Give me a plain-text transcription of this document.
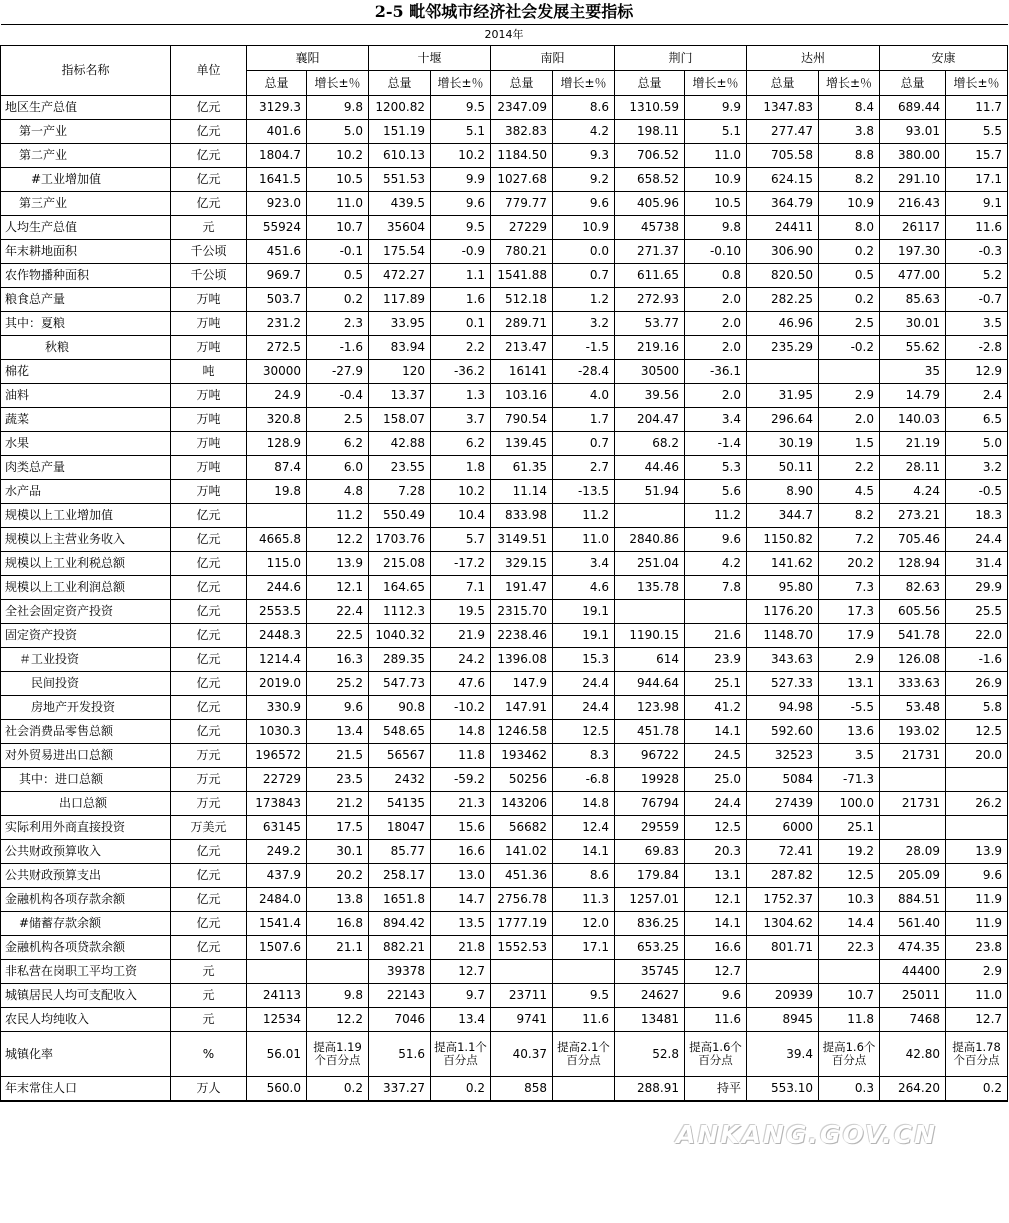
2-5 毗邻城市经济社会发展主要指标													
2014年													
指标名称	单位	襄阳		十堰		南阳		荆门		达州		安康	
		总量	增长±％	总量	增长±％	总量	增长±％	总量	增长±％	总量	增长±％	总量	增长±％
地区生产总值	亿元	3129.3	9.8	1200.82	9.5	2347.09	8.6	1310.59	9.9	1347.83	8.4	689.44	11.7
第一产业	亿元	401.6	5.0	151.19	5.1	382.83	4.2	198.11	5.1	277.47	3.8	93.01	5.5
第二产业	亿元	1804.7	10.2	610.13	10.2	1184.50	9.3	706.52	11.0	705.58	8.8	380.00	15.7
#工业增加值	亿元	1641.5	10.5	551.53	9.9	1027.68	9.2	658.52	10.9	624.15	8.2	291.10	17.1
第三产业	亿元	923.0	11.0	439.5	9.6	779.77	9.6	405.96	10.5	364.79	10.9	216.43	9.1
人均生产总值	元	55924	10.7	35604	9.5	27229	10.9	45738	9.8	24411	8.0	26117	11.6
年末耕地面积	千公顷	451.6	-0.1	175.54	-0.9	780.21	0.0	271.37	-0.10	306.90	0.2	197.30	-0.3
农作物播种面积	千公顷	969.7	0.5	472.27	1.1	1541.88	0.7	611.65	0.8	820.50	0.5	477.00	5.2
粮食总产量	万吨	503.7	0.2	117.89	1.6	512.18	1.2	272.93	2.0	282.25	0.2	85.63	-0.7
其中：夏粮	万吨	231.2	2.3	33.95	0.1	289.71	3.2	53.77	2.0	46.96	2.5	30.01	3.5
秋粮	万吨	272.5	-1.6	83.94	2.2	213.47	-1.5	219.16	2.0	235.29	-0.2	55.62	-2.8
棉花	吨	30000	-27.9	120	-36.2	16141	-28.4	30500	-36.1			35	12.9
油料	万吨	24.9	-0.4	13.37	1.3	103.16	4.0	39.56	2.0	31.95	2.9	14.79	2.4
蔬菜	万吨	320.8	2.5	158.07	3.7	790.54	1.7	204.47	3.4	296.64	2.0	140.03	6.5
水果	万吨	128.9	6.2	42.88	6.2	139.45	0.7	68.2	-1.4	30.19	1.5	21.19	5.0
肉类总产量	万吨	87.4	6.0	23.55	1.8	61.35	2.7	44.46	5.3	50.11	2.2	28.11	3.2
水产品	万吨	19.8	4.8	7.28	10.2	11.14	-13.5	51.94	5.6	8.90	4.5	4.24	-0.5
规模以上工业增加值	亿元		11.2	550.49	10.4	833.98	11.2		11.2	344.7	8.2	273.21	18.3
规模以上主营业务收入	亿元	4665.8	12.2	1703.76	5.7	3149.51	11.0	2840.86	9.6	1150.82	7.2	705.46	24.4
规模以上工业利税总额	亿元	115.0	13.9	215.08	-17.2	329.15	3.4	251.04	4.2	141.62	20.2	128.94	31.4
规模以上工业利润总额	亿元	244.6	12.1	164.65	7.1	191.47	4.6	135.78	7.8	95.80	7.3	82.63	29.9
全社会固定资产投资	亿元	2553.5	22.4	1112.3	19.5	2315.70	19.1			1176.20	17.3	605.56	25.5
固定资产投资	亿元	2448.3	22.5	1040.32	21.9	2238.46	19.1	1190.15	21.6	1148.70	17.9	541.78	22.0
＃工业投资	亿元	1214.4	16.3	289.35	24.2	1396.08	15.3	614	23.9	343.63	2.9	126.08	-1.6
民间投资	亿元	2019.0	25.2	547.73	47.6	147.9	24.4	944.64	25.1	527.33	13.1	333.63	26.9
房地产开发投资	亿元	330.9	9.6	90.8	-10.2	147.91	24.4	123.98	41.2	94.98	-5.5	53.48	5.8
社会消费品零售总额	亿元	1030.3	13.4	548.65	14.8	1246.58	12.5	451.78	14.1	592.60	13.6	193.02	12.5
对外贸易进出口总额	万元	196572	21.5	56567	11.8	193462	8.3	96722	24.5	32523	3.5	21731	20.0
其中：进口总额	万元	22729	23.5	2432	-59.2	50256	-6.8	19928	25.0	5084	-71.3		
出口总额	万元	173843	21.2	54135	21.3	143206	14.8	76794	24.4	27439	100.0	21731	26.2
实际利用外商直接投资	万美元	63145	17.5	18047	15.6	56682	12.4	29559	12.5	6000	25.1		
公共财政预算收入	亿元	249.2	30.1	85.77	16.6	141.02	14.1	69.83	20.3	72.41	19.2	28.09	13.9
公共财政预算支出	亿元	437.9	20.2	258.17	13.0	451.36	8.6	179.84	13.1	287.82	12.5	205.09	9.6
金融机构各项存款余额	亿元	2484.0	13.8	1651.8	14.7	2756.78	11.3	1257.01	12.1	1752.37	10.3	884.51	11.9
#储蓄存款余额	亿元	1541.4	16.8	894.42	13.5	1777.19	12.0	836.25	14.1	1304.62	14.4	561.40	11.9
金融机构各项贷款余额	亿元	1507.6	21.1	882.21	21.8	1552.53	17.1	653.25	16.6	801.71	22.3	474.35	23.8
非私营在岗职工平均工资	元			39378	12.7			35745	12.7			44400	2.9
城镇居民人均可支配收入	元	24113	9.8	22143	9.7	23711	9.5	24627	9.6	20939	10.7	25011	11.0
农民人均纯收入	元	12534	12.2	7046	13.4	9741	11.6	13481	11.6	8945	11.8	7468	12.7
城镇化率	%	56.01	提高1.19个百分点	51.6	提高1.1个百分点	40.37	提高2.1个百分点	52.8	提高1.6个百分点	39.4	提高1.6个百分点	42.80	提高1.78个百分点
年末常住人口	万人	560.0	0.2	337.27	0.2	858		288.91	持平	553.10	0.3	264.20	0.2
ANKANG.GOV.CN
